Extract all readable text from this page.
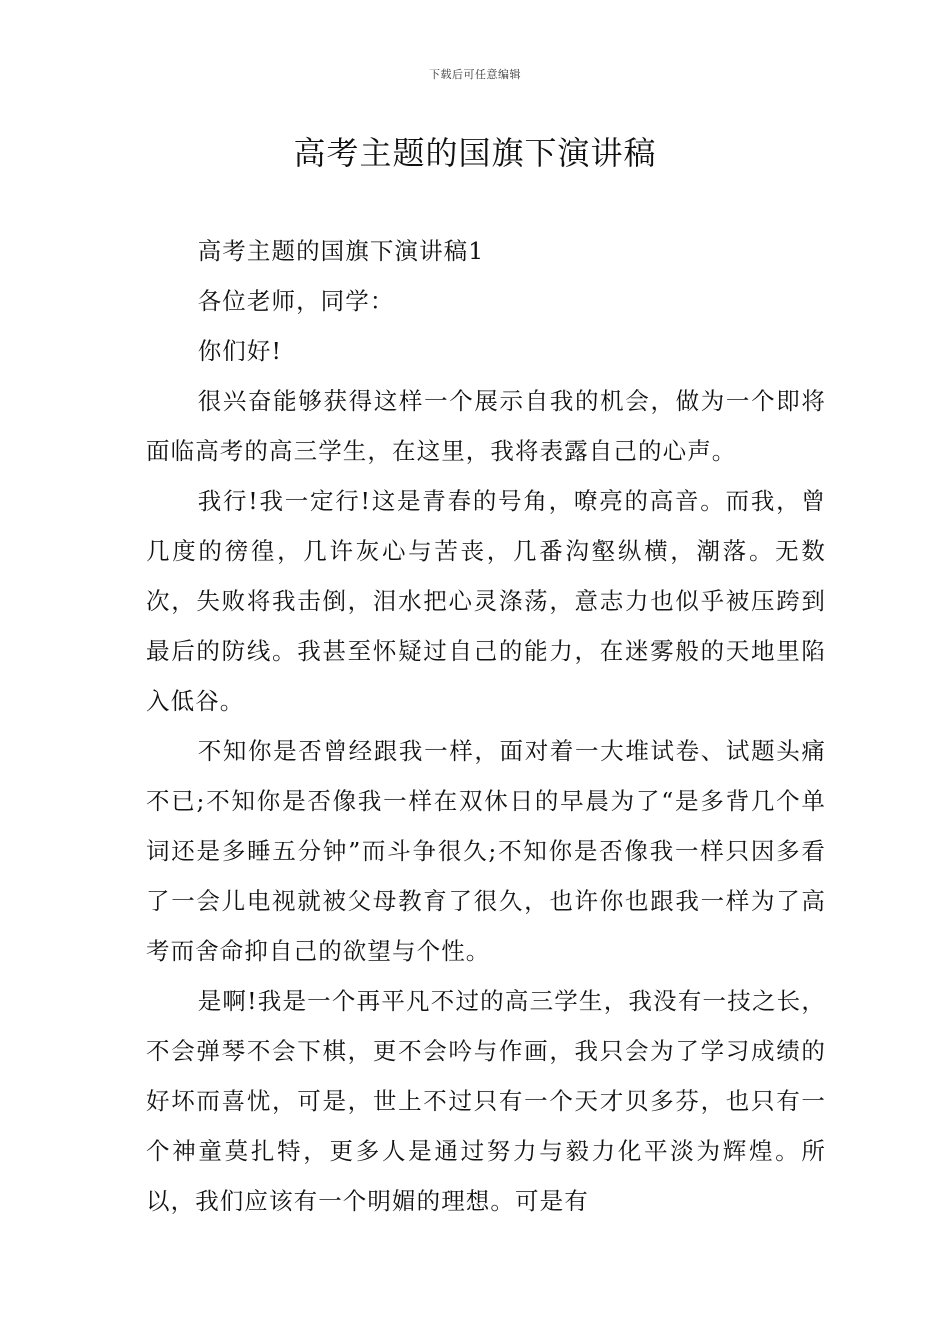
下载后可任意编辑
高考主题的国旗下演讲稿

高考主题的国旗下演讲稿1

各位老师，同学：

你们好!

很兴奋能够获得这样一个展示自我的机会，做为一个即将面临高考的高三学生，在这里，我将表露自己的心声。

我行!我一定行!这是青春的号角，嘹亮的高音。而我，曾几度的徬徨，几许灰心与苦丧，几番沟壑纵横，潮落。无数次，失败将我击倒，泪水把心灵涤荡，意志力也似乎被压跨到最后的防线。我甚至怀疑过自己的能力，在迷雾般的天地里陷入低谷。

不知你是否曾经跟我一样，面对着一大堆试卷、试题头痛不已;不知你是否像我一样在双休日的早晨为了“是多背几个单词还是多睡五分钟”而斗争很久;不知你是否像我一样只因多看了一会儿电视就被父母教育了很久，也许你也跟我一样为了高考而舍命抑自己的欲望与个性。

是啊!我是一个再平凡不过的高三学生，我没有一技之长，不会弹琴不会下棋，更不会吟与作画，我只会为了学习成绩的好坏而喜忧，可是，世上不过只有一个天才贝多芬，也只有一个神童莫扎特，更多人是通过努力与毅力化平淡为辉煌。所以，我们应该有一个明媚的理想。可是有
